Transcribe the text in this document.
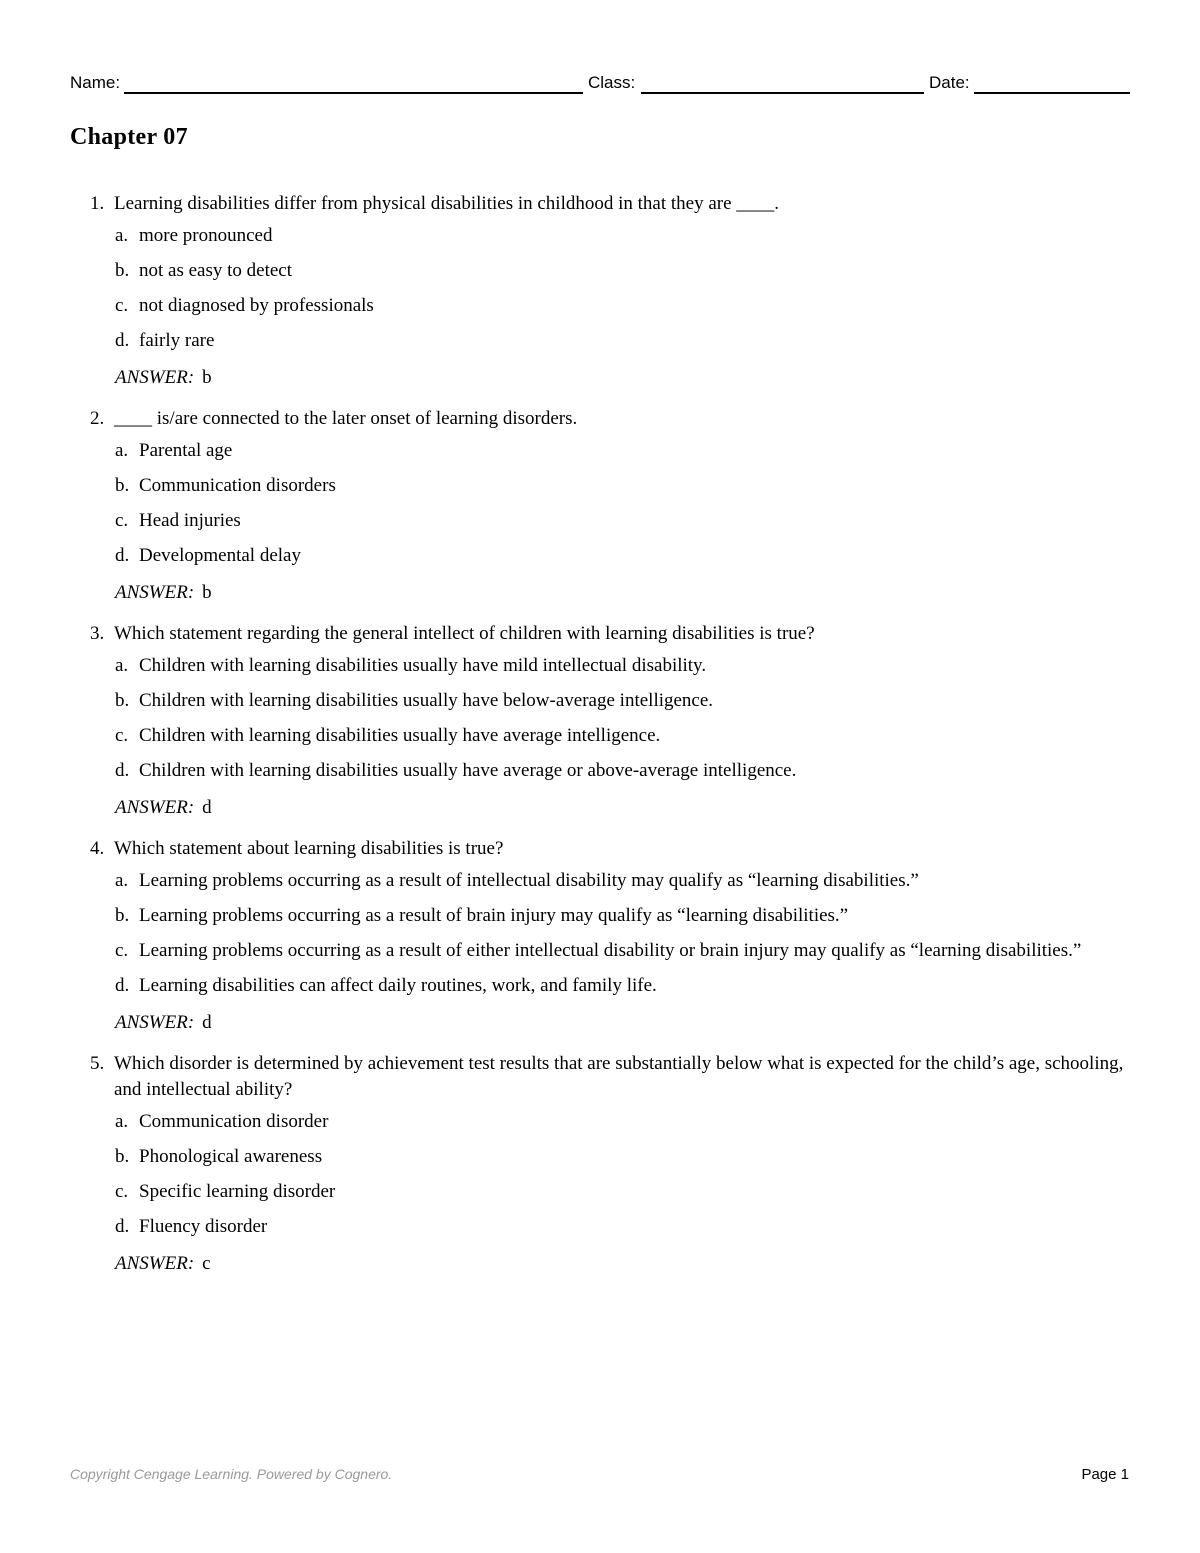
Name:	Class:	Date:
Chapter 07
1. Learning disabilities differ from physical disabilities in childhood in that they are ____.
a. more pronounced
b. not as easy to detect
c. not diagnosed by professionals
d. fairly rare
ANSWER: b
2. ____ is/are connected to the later onset of learning disorders.
a. Parental age
b. Communication disorders
c. Head injuries
d. Developmental delay
ANSWER: b
3. Which statement regarding the general intellect of children with learning disabilities is true?
a. Children with learning disabilities usually have mild intellectual disability.
b. Children with learning disabilities usually have below-average intelligence.
c. Children with learning disabilities usually have average intelligence.
d. Children with learning disabilities usually have average or above-average intelligence.
ANSWER: d
4. Which statement about learning disabilities is true?
a. Learning problems occurring as a result of intellectual disability may qualify as “learning disabilities.”
b. Learning problems occurring as a result of brain injury may qualify as “learning disabilities.”
c. Learning problems occurring as a result of either intellectual disability or brain injury may qualify as “learning disabilities.”
d. Learning disabilities can affect daily routines, work, and family life.
ANSWER: d
5. Which disorder is determined by achievement test results that are substantially below what is expected for the child’s age, schooling, and intellectual ability?
a. Communication disorder
b. Phonological awareness
c. Specific learning disorder
d. Fluency disorder
ANSWER: c
Copyright Cengage Learning. Powered by Cognero.	Page 1
